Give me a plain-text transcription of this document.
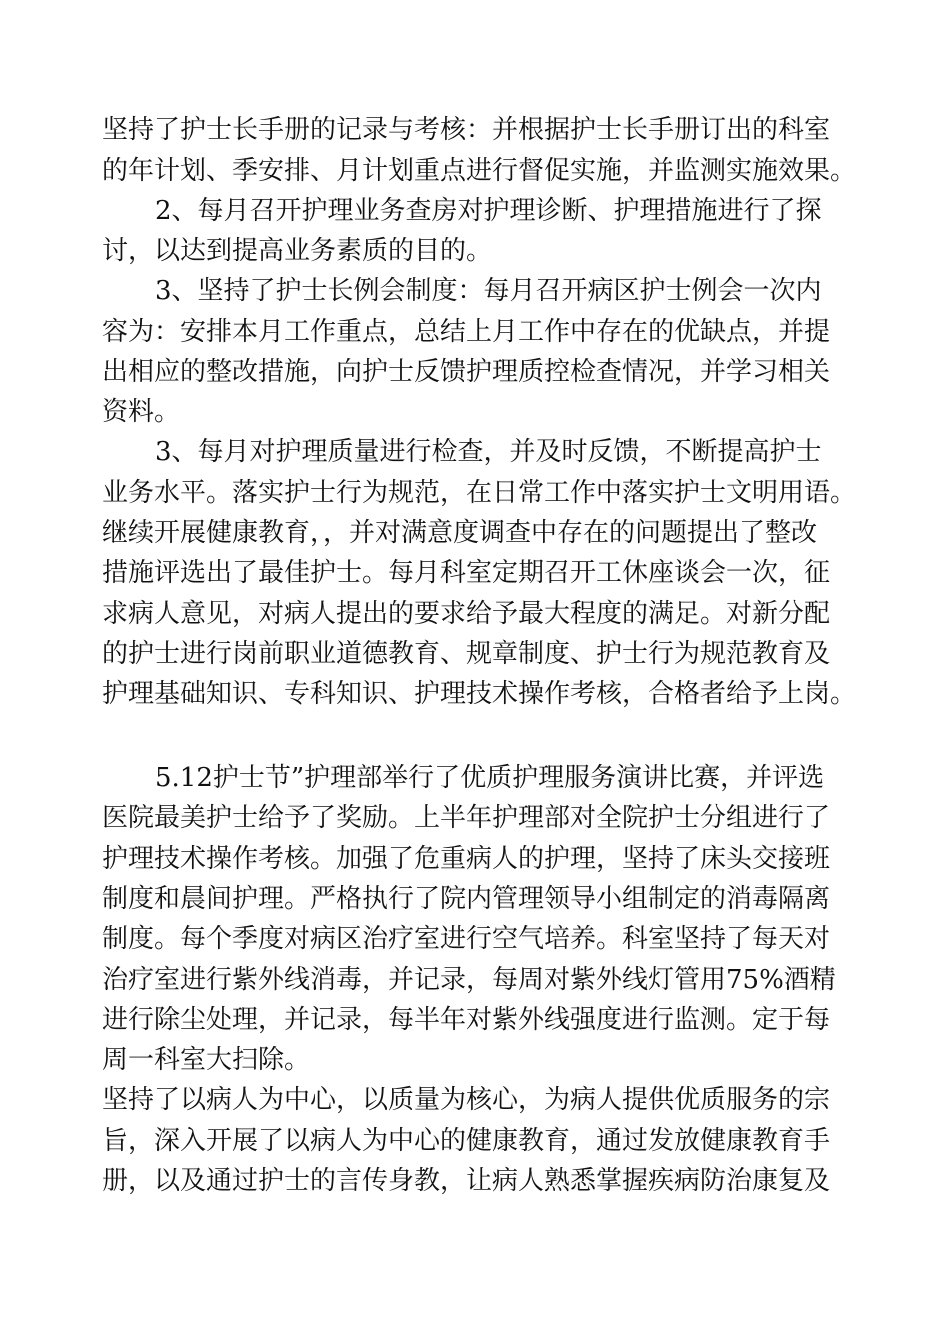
坚持了护士长手册的记录与考核：并根据护士长手册订出的科室
的年计划、季安排、月计划重点进行督促实施，并监测实施效果。
2、每月召开护理业务查房对护理诊断、护理措施进行了探
讨，以达到提高业务素质的目的。
3、坚持了护士长例会制度：每月召开病区护士例会一次内
容为：安排本月工作重点，总结上月工作中存在的优缺点，并提
出相应的整改措施，向护士反馈护理质控检查情况，并学习相关
资料。
3、每月对护理质量进行检查，并及时反馈，不断提高护士
业务水平。落实护士行为规范，在日常工作中落实护士文明用语。
继续开展健康教育，，并对满意度调查中存在的问题提出了整改
措施评选出了最佳护士。每月科室定期召开工休座谈会一次，征
求病人意见，对病人提出的要求给予最大程度的满足。对新分配
的护士进行岗前职业道德教育、规章制度、护士行为规范教育及
护理基础知识、专科知识、护理技术操作考核，合格者给予上岗。
5.12护士节”护理部举行了优质护理服务演讲比赛，并评选
医院最美护士给予了奖励。上半年护理部对全院护士分组进行了
护理技术操作考核。加强了危重病人的护理，坚持了床头交接班
制度和晨间护理。严格执行了院内管理领导小组制定的消毒隔离
制度。每个季度对病区治疗室进行空气培养。科室坚持了每天对
治疗室进行紫外线消毒，并记录，每周对紫外线灯管用75%酒精
进行除尘处理，并记录，每半年对紫外线强度进行监测。定于每
周一科室大扫除。
坚持了以病人为中心，以质量为核心，为病人提供优质服务的宗
旨，深入开展了以病人为中心的健康教育，通过发放健康教育手
册，以及通过护士的言传身教，让病人熟悉掌握疾病防治康复及
